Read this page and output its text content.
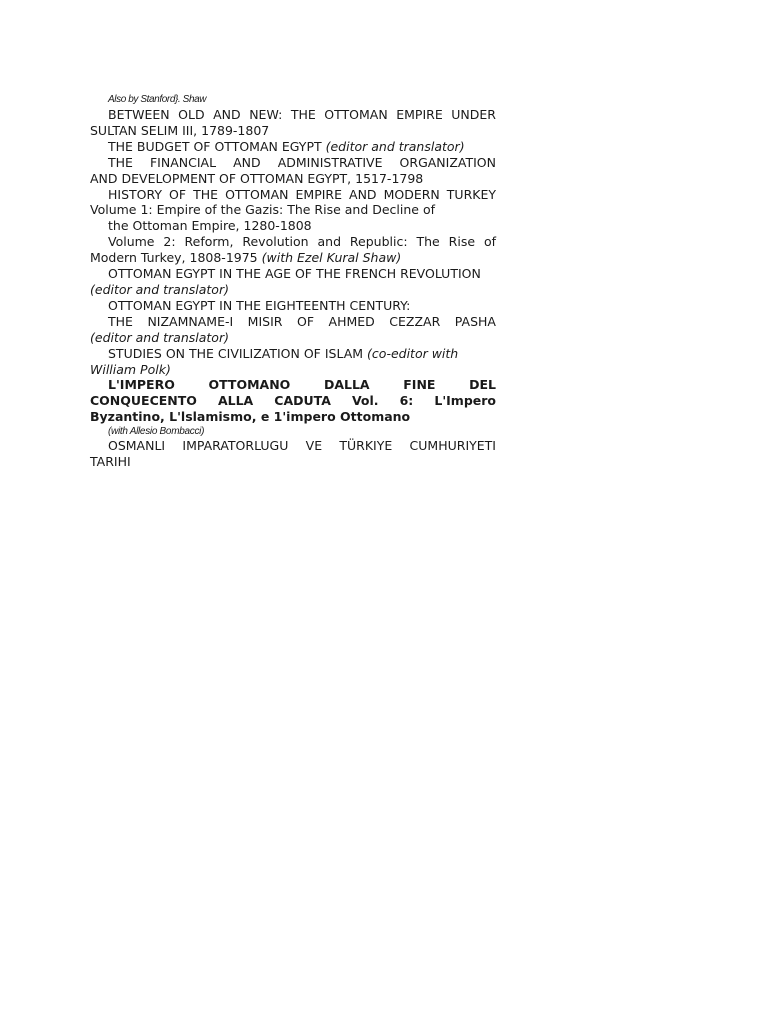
Also by Stanford}. Shaw
BETWEEN OLD AND NEW: THE OTTOMAN EMPIRE UNDER
SULTAN SELIM III, 1789-1807
THE BUDGET OF OTTOMAN EGYPT (editor and translator)
THE FINANCIAL AND ADMINISTRATIVE ORGANIZATION
AND DEVELOPMENT OF OTTOMAN EGYPT, 1517-1798
HISTORY OF THE OTTOMAN EMPIRE AND MODERN TURKEY
Volume 1: Empire of the Gazis: The Rise and Decline of
the Ottoman Empire, 1280-1808
Volume 2: Reform, Revolution and Republic: The Rise of
Modern Turkey, 1808-1975 (with Ezel Kural Shaw)
OTTOMAN EGYPT IN THE AGE OF THE FRENCH REVOLUTION
(editor and translator)
OTTOMAN EGYPT IN THE EIGHTEENTH CENTURY:
THE NIZAMNAME-I MISIR OF AHMED CEZZAR PASHA
(editor and translator)
STUDIES ON THE CIVILIZATION OF ISLAM (co-editor with
William Polk)
L'IMPERO OTTOMANO DALLA FINE DEL
CONQUECENTO ALLA CADUTA Vol. 6: L'Impero
Byzantino, L'lslamismo, e 1'impero Ottomano
(with Allesio Bombacci)
OSMANLI IMPARATORLUGU VE TÜRKIYE CUMHURIYETI
TARIHI
